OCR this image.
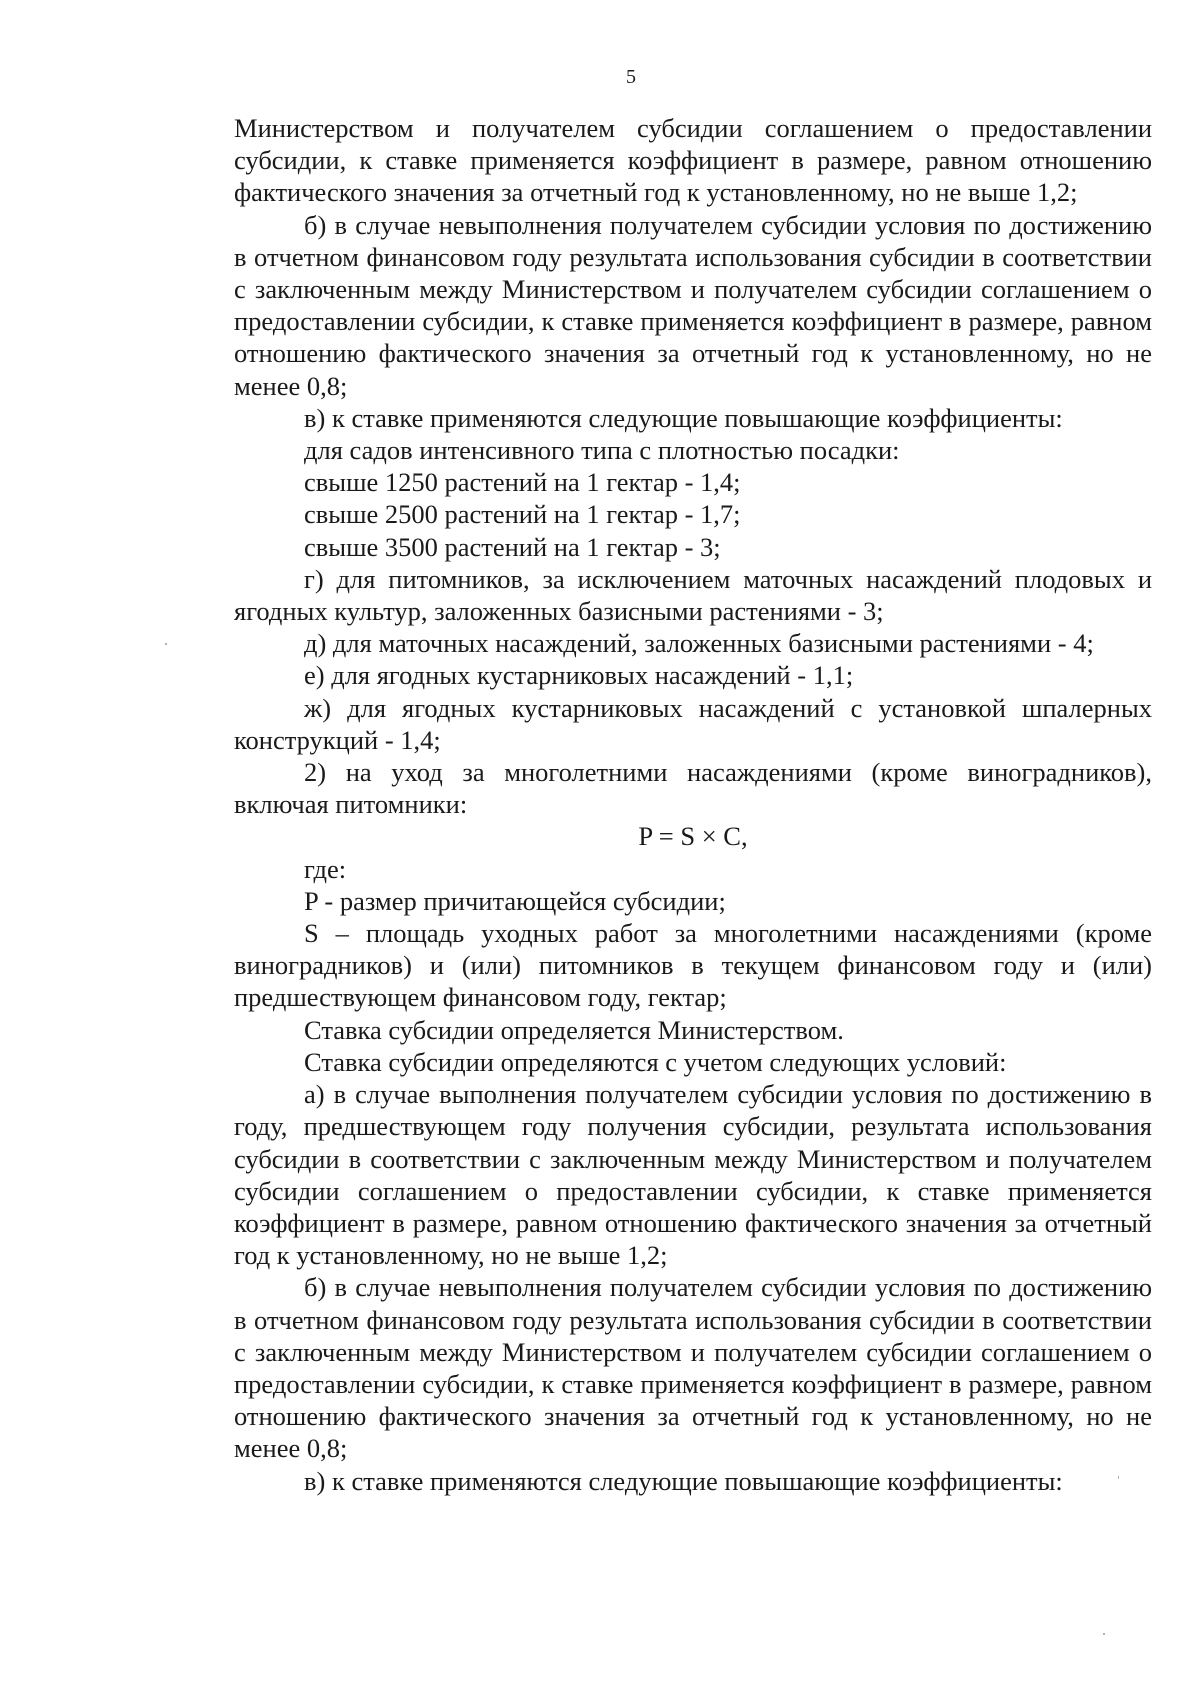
5

Министерством и получателем субсидии соглашением о предоставлении субсидии, к ставке применяется коэффициент в размере, равном отношению фактического значения за отчетный год к установленному, но не выше 1,2;

б) в случае невыполнения получателем субсидии условия по достижению в отчетном финансовом году результата использования субсидии в соответствии с заключенным между Министерством и получателем субсидии соглашением о предоставлении субсидии, к ставке применяется коэффициент в размере, равном отношению фактического значения за отчетный год к установленному, но не менее 0,8;

в) к ставке применяются следующие повышающие коэффициенты:

для садов интенсивного типа с плотностью посадки:

свыше 1250 растений на 1 гектар - 1,4;

свыше 2500 растений на 1 гектар - 1,7;

свыше 3500 растений на 1 гектар - 3;

г) для питомников, за исключением маточных насаждений плодовых и ягодных культур, заложенных базисными растениями - 3;

д) для маточных насаждений, заложенных базисными растениями - 4;

е) для ягодных кустарниковых насаждений - 1,1;

ж) для ягодных кустарниковых насаждений с установкой шпалерных конструкций - 1,4;

2) на уход за многолетними насаждениями (кроме виноградников), включая питомники:

P = S × C,

где:

P - размер причитающейся субсидии;

S – площадь уходных работ за многолетними насаждениями (кроме виноградников) и (или) питомников в текущем финансовом году и (или) предшествующем финансовом году, гектар;

Ставка субсидии определяется Министерством.

Ставка субсидии определяются с учетом следующих условий:

а) в случае выполнения получателем субсидии условия по достижению в году, предшествующем году получения субсидии, результата использования субсидии в соответствии с заключенным между Министерством и получателем субсидии соглашением о предоставлении субсидии, к ставке применяется коэффициент в размере, равном отношению фактического значения за отчетный год к установленному, но не выше 1,2;

б) в случае невыполнения получателем субсидии условия по достижению в отчетном финансовом году результата использования субсидии в соответствии с заключенным между Министерством и получателем субсидии соглашением о предоставлении субсидии, к ставке применяется коэффициент в размере, равном отношению фактического значения за отчетный год к установленному, но не менее 0,8;

в) к ставке применяются следующие повышающие коэффициенты:
